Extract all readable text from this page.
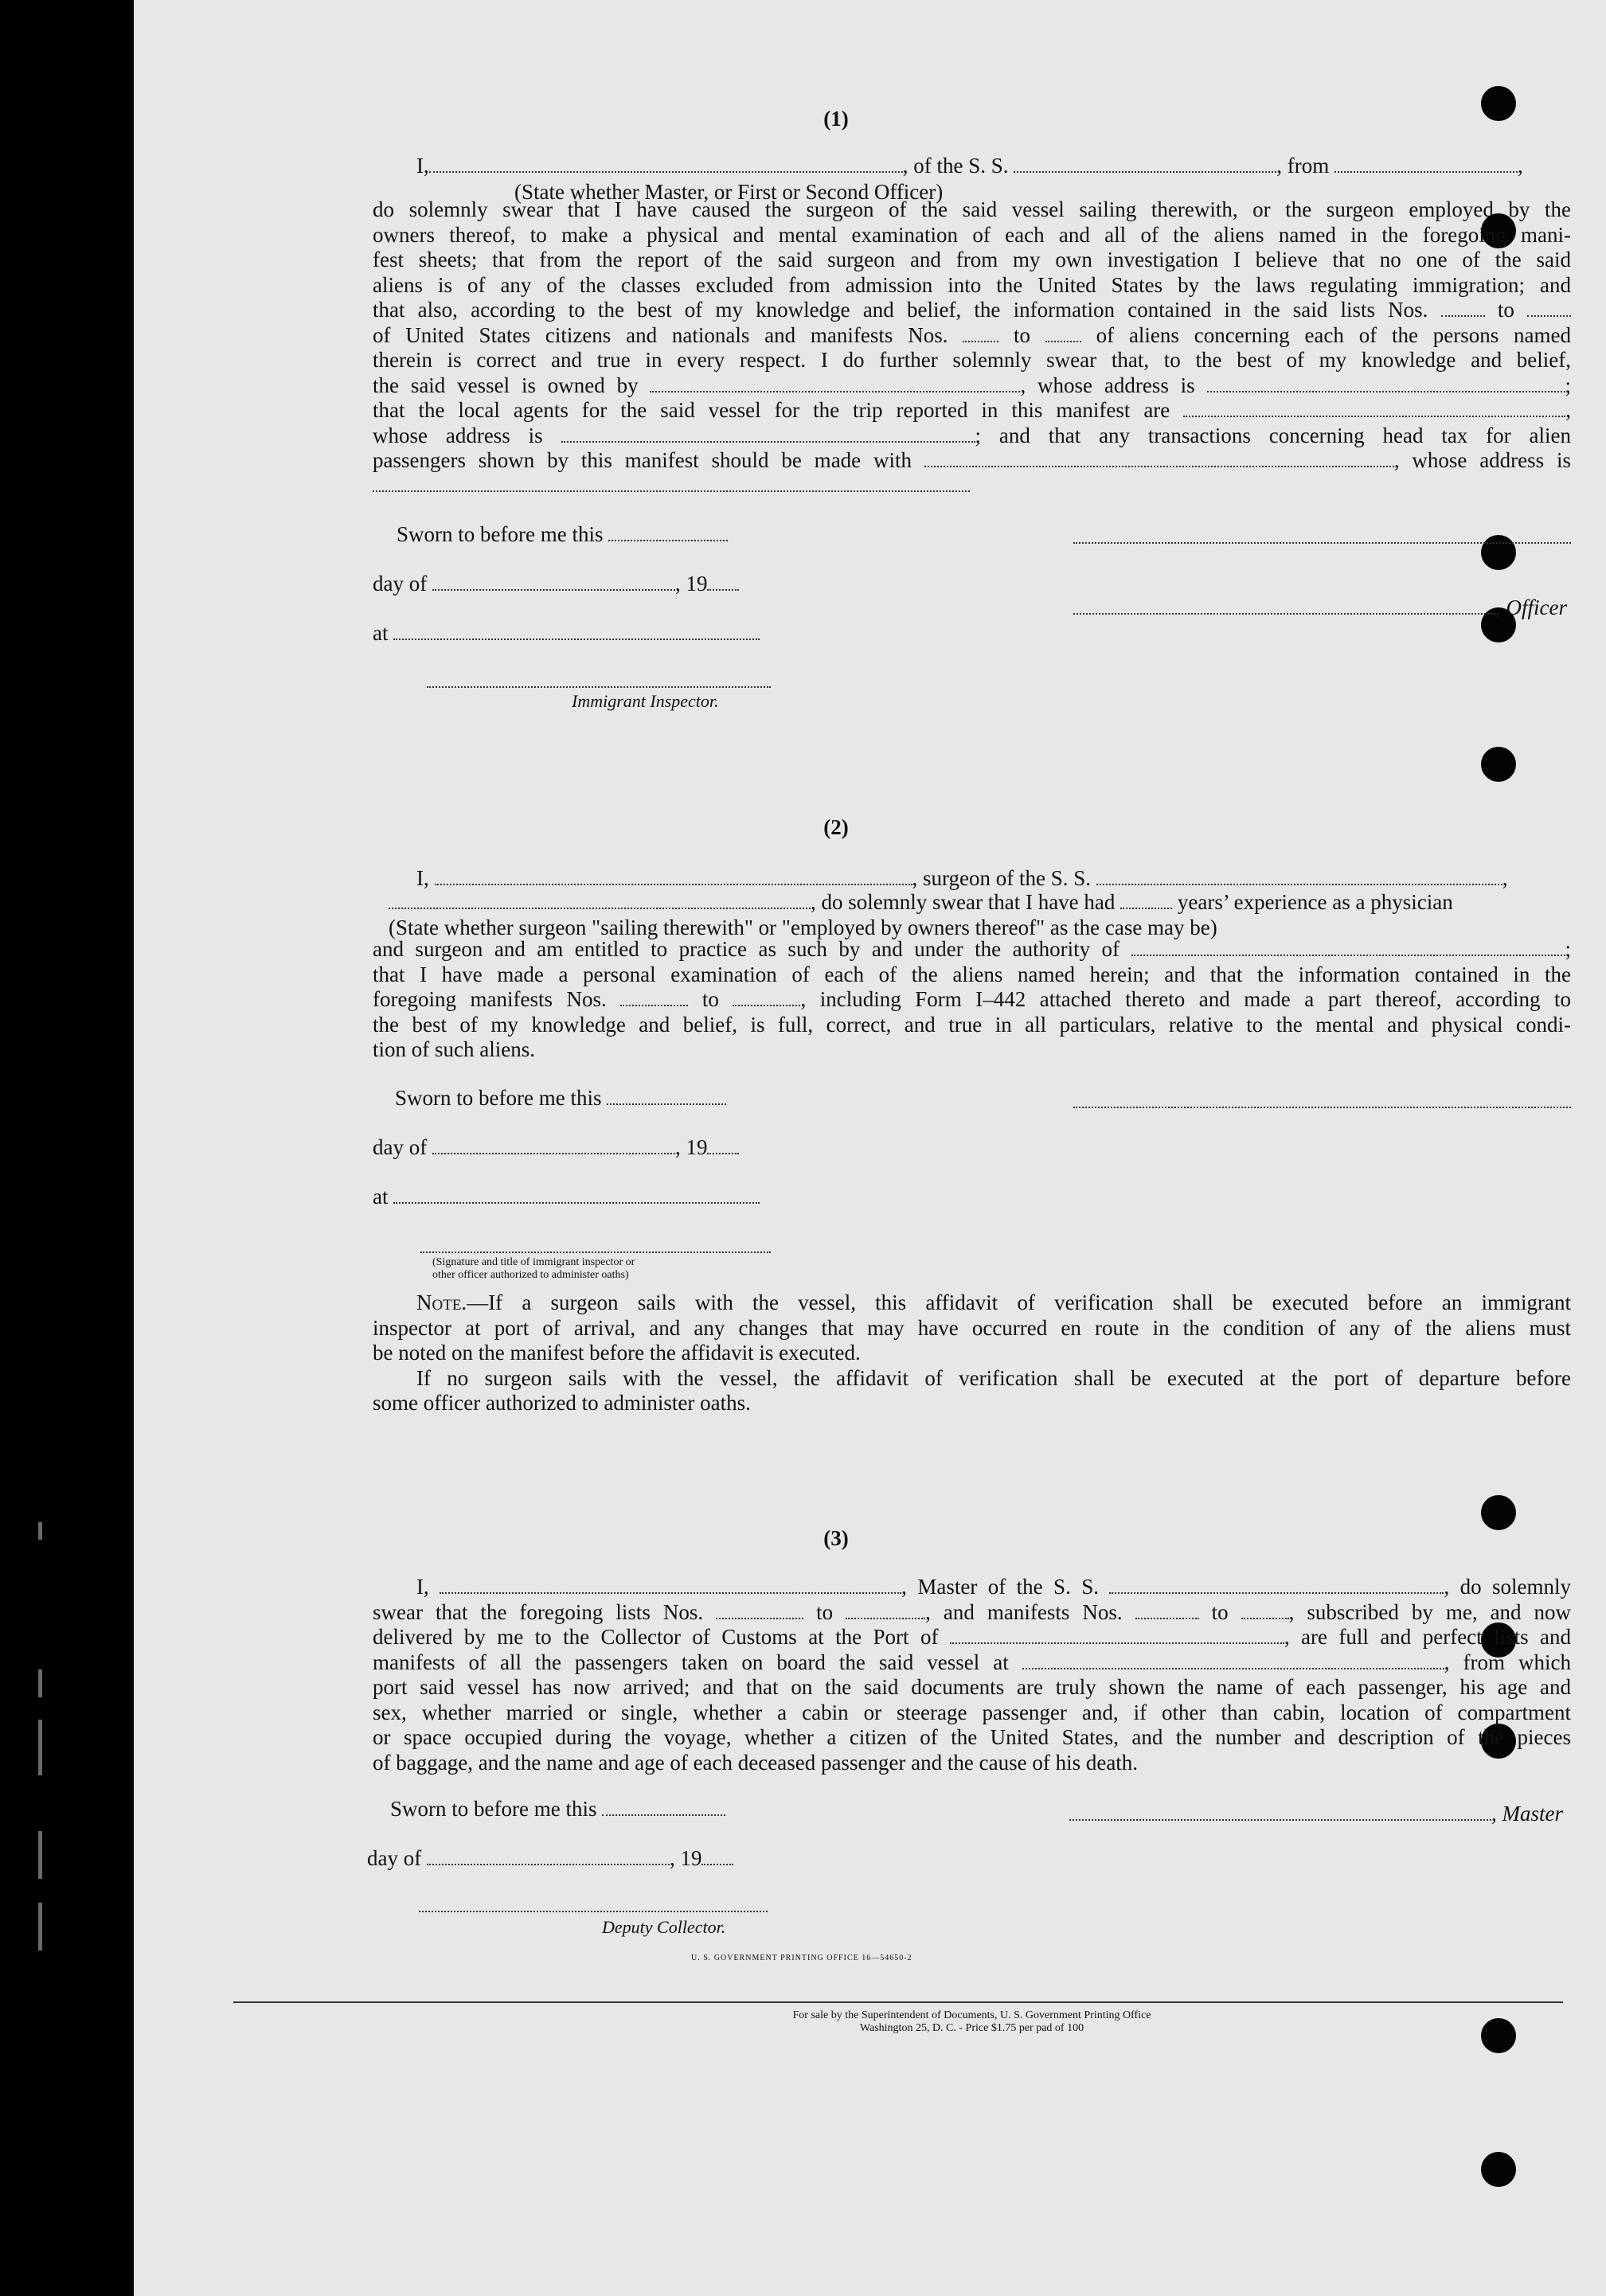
(1)
I,	, of the S. S.	, from	,
(State whether Master, or First or Second Officer)
do solemnly swear that I have caused the surgeon of the said vessel sailing therewith, or the surgeon employed by the
owners thereof, to make a physical and mental examination of each and all of the aliens named in the foregoing mani-
fest sheets; that from the report of the said surgeon and from my own investigation I believe that no one of the said
aliens is of any of the classes excluded from admission into the United States by the laws regulating immigration; and
that also, according to the best of my knowledge and belief, the information contained in the said lists Nos.	to
of United States citizens and nationals and manifests Nos.	to	of aliens concerning each of the persons named
therein is correct and true in every respect. I do further solemnly swear that, to the best of my knowledge and belief,
the said vessel is owned by	, whose address is	;
that the local agents for the said vessel for the trip reported in this manifest are	,
whose address is	; and that any transactions concerning head tax for alien
passengers shown by this manifest should be made with	, whose address is
Sworn to before me this
day of	, 19
at
, Officer
Immigrant Inspector.
(2)
I,	, surgeon of the S. S.	,
, do solemnly swear that I have had	years’ experience as a physician
(State whether surgeon "sailing therewith" or "employed by owners thereof" as the case may be)
and surgeon and am entitled to practice as such by and under the authority of	;
that I have made a personal examination of each of the aliens named herein; and that the information contained in the
foregoing manifests Nos.	to	, including Form I–442 attached thereto and made a part thereof, according to
the best of my knowledge and belief, is full, correct, and true in all particulars, relative to the mental and physical condi-
tion of such aliens.
Sworn to before me this
day of	, 19
at
(Signature and title of immigrant inspector or
other officer authorized to administer oaths)
Note.—If a surgeon sails with the vessel, this affidavit of verification shall be executed before an immigrant
inspector at port of arrival, and any changes that may have occurred en route in the condition of any of the aliens must
be noted on the manifest before the affidavit is executed.
If no surgeon sails with the vessel, the affidavit of verification shall be executed at the port of departure before
some officer authorized to administer oaths.
(3)
I,	, Master of the S. S.	, do solemnly
swear that the foregoing lists Nos.	to	, and manifests Nos.	to	, subscribed by me, and now
delivered by me to the Collector of Customs at the Port of	, are full and perfect lists and
manifests of all the passengers taken on board the said vessel at	, from which
port said vessel has now arrived; and that on the said documents are truly shown the name of each passenger, his age and
sex, whether married or single, whether a cabin or steerage passenger and, if other than cabin, location of compartment
or space occupied during the voyage, whether a citizen of the United States, and the number and description of the pieces
of baggage, and the name and age of each deceased passenger and the cause of his death.
Sworn to before me this
day of	, 19
, Master
Deputy Collector.
U. S. GOVERNMENT PRINTING OFFICE 16—54650-2
For sale by the Superintendent of Documents, U. S. Government Printing Office
Washington 25, D. C. - Price $1.75 per pad of 100
